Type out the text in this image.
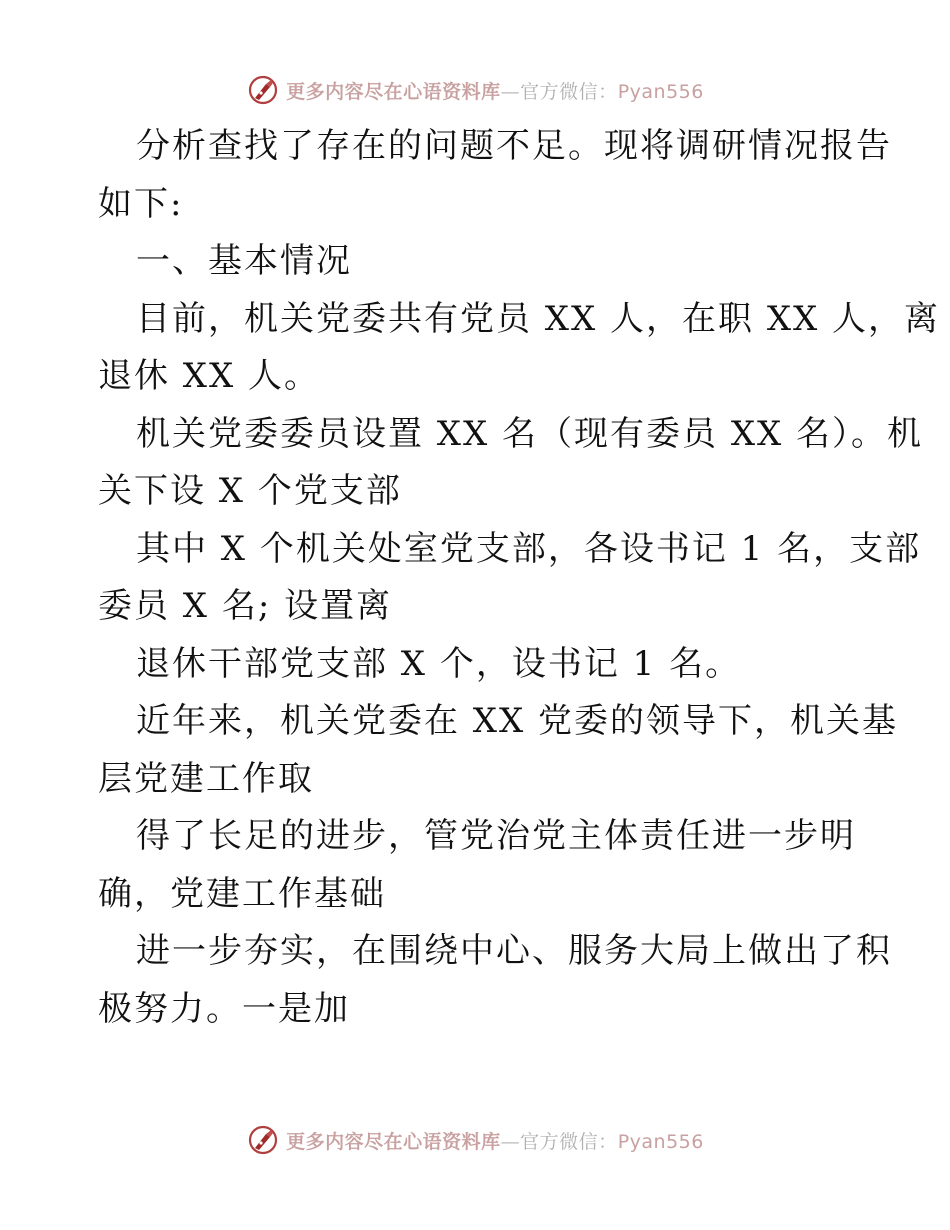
更多内容尽在心语资料库—官方微信：Pyan556
分析查找了存在的问题不足。现将调研情况报告
如下:
一、基本情况
目前，机关党委共有党员 XX 人，在职 XX 人，离
退休 XX 人。
机关党委委员设置 XX 名（现有委员 XX 名）。机
关下设 X 个党支部
其中 X 个机关处室党支部，各设书记 1 名，支部
委员 X 名; 设置离
退休干部党支部 X 个，设书记 1 名。
近年来，机关党委在 XX 党委的领导下，机关基
层党建工作取
得了长足的进步，管党治党主体责任进一步明
确，党建工作基础
进一步夯实，在围绕中心、服务大局上做出了积
极努力。一是加
更多内容尽在心语资料库—官方微信：Pyan556
